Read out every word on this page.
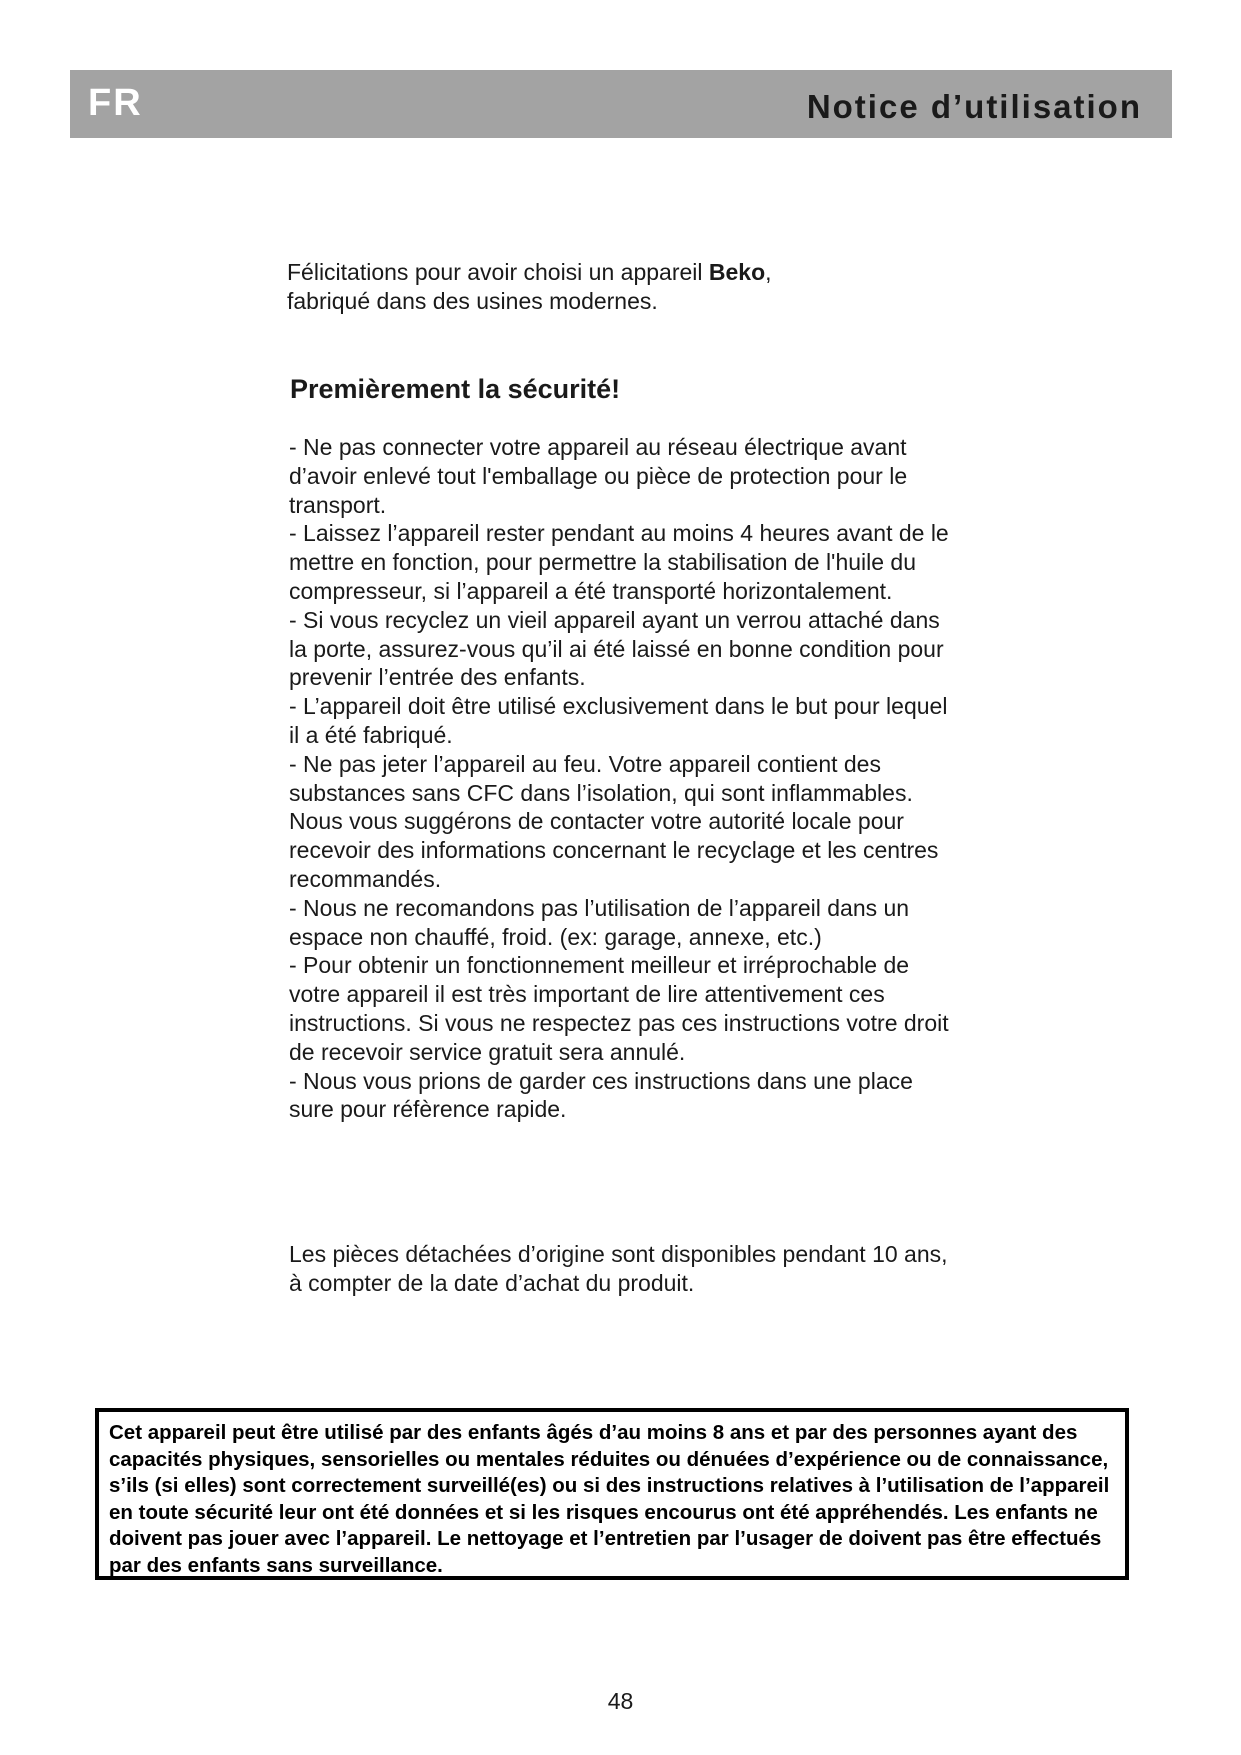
FR	Notice d’utilisation

Félicitations pour avoir choisi un appareil Beko,

fabriqué dans des usines modernes.

Premièrement la sécurité!
- Ne pas connecter votre appareil au réseau électrique avant d’avoir enlevé tout l'emballage ou pièce de protection pour le transport.
- Laissez l’appareil rester pendant au moins 4 heures avant de le mettre en fonction, pour permettre la stabilisation de l'huile du compresseur, si l’appareil a été transporté horizontalement.
- Si vous recyclez un vieil appareil ayant un verrou attaché dans la porte, assurez-vous qu’il ai été laissé en bonne condition pour prevenir l’entrée des enfants.
- L’appareil doit être utilisé exclusivement dans le but pour lequel il a été fabriqué.
- Ne pas jeter l’appareil au feu. Votre appareil contient des substances sans CFC dans l’isolation, qui sont inflammables. Nous vous suggérons de contacter votre autorité locale pour recevoir des informations concernant le recyclage et les centres recommandés.
- Nous ne recomandons pas l’utilisation de l’appareil dans un espace non chauffé, froid. (ex: garage, annexe, etc.)
- Pour obtenir un fonctionnement meilleur et irréprochable de votre appareil il est très important de lire attentivement ces instructions. Si vous ne respectez pas ces instructions votre droit de recevoir service gratuit sera annulé.
- Nous vous prions de garder ces instructions dans une place sure pour réfèrence rapide.

Les pièces détachées d’origine sont disponibles pendant 10 ans, à compter de la date d’achat du produit.

Cet appareil peut être utilisé par des enfants âgés d’au moins 8 ans et par des personnes ayant des capacités physiques, sensorielles ou mentales réduites ou dénuées d’expérience ou de connaissance, s’ils (si elles) sont correctement surveillé(es) ou si des instructions relatives à l’utilisation de l’appareil en toute sécurité leur ont été données et si les risques encourus ont été appréhendés. Les enfants ne doivent pas jouer avec l’appareil. Le nettoyage et l’entretien par l’usager de doivent pas être effectués par des enfants sans surveillance.
48
